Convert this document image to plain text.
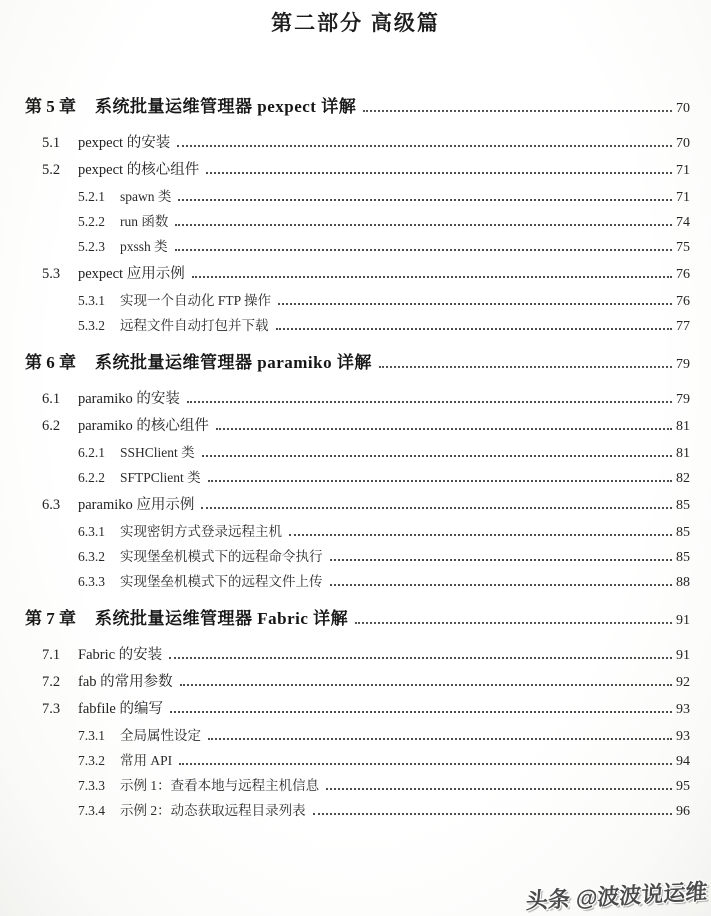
第二部分 高级篇
第 5 章	系统批量运维管理器 pexpect 详解	70
5.1	pexpect 的安装	70
5.2	pexpect 的核心组件	71
5.2.1	spawn 类	71
5.2.2	run 函数	74
5.2.3	pxssh 类	75
5.3	pexpect 应用示例	76
5.3.1	实现一个自动化 FTP 操作	76
5.3.2	远程文件自动打包并下载	77
第 6 章	系统批量运维管理器 paramiko 详解	79
6.1	paramiko 的安装	79
6.2	paramiko 的核心组件	81
6.2.1	SSHClient 类	81
6.2.2	SFTPClient 类	82
6.3	paramiko 应用示例	85
6.3.1	实现密钥方式登录远程主机	85
6.3.2	实现堡垒机模式下的远程命令执行	85
6.3.3	实现堡垒机模式下的远程文件上传	88
第 7 章	系统批量运维管理器 Fabric 详解	91
7.1	Fabric 的安装	91
7.2	fab 的常用参数	92
7.3	fabfile 的编写	93
7.3.1	全局属性设定	93
7.3.2	常用 API	94
7.3.3	示例 1：查看本地与远程主机信息	95
7.3.4	示例 2：动态获取远程目录列表	96
头条 @波波说运维
